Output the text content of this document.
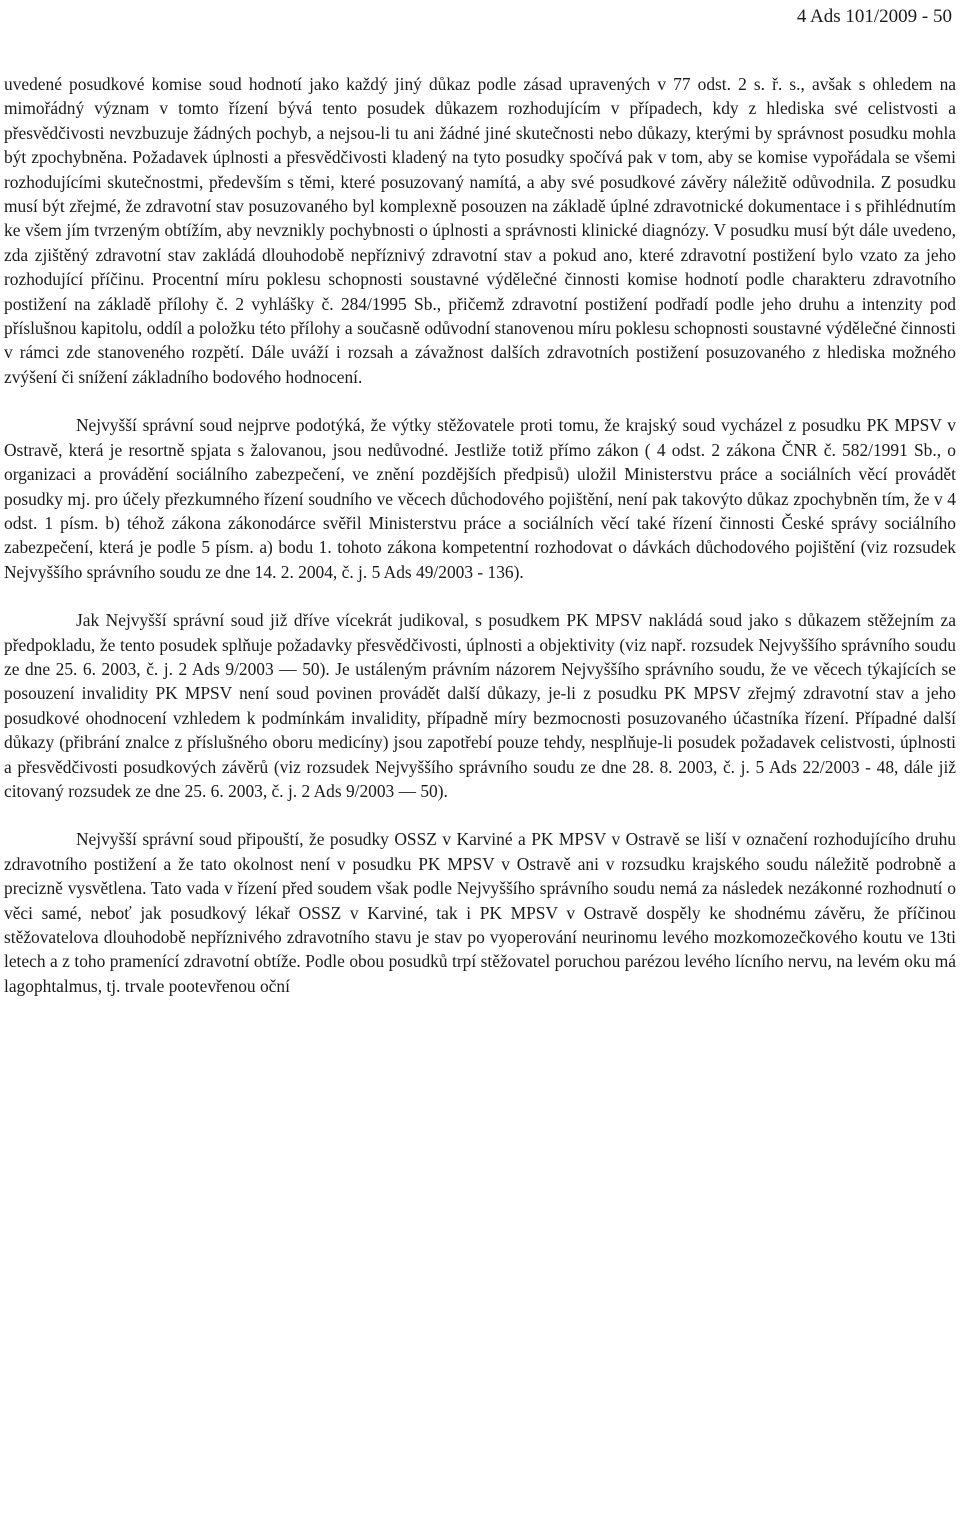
4 Ads 101/2009 - 50

uvedené posudkové komise soud hodnotí jako každý jiný důkaz podle zásad upravených v 77 odst. 2 s. ř. s., avšak s ohledem na mimořádný význam v tomto řízení bývá tento posudek důkazem rozhodujícím v případech, kdy z hlediska své celistvosti a přesvědčivosti nevzbuzuje žádných pochyb, a nejsou-li tu ani žádné jiné skutečnosti nebo důkazy, kterými by správnost posudku mohla být zpochybněna. Požadavek úplnosti a přesvědčivosti kladený na tyto posudky spočívá pak v tom, aby se komise vypořádala se všemi rozhodujícími skutečnostmi, především s těmi, které posuzovaný namítá, a aby své posudkové závěry náležitě odůvodnila. Z posudku musí být zřejmé, že zdravotní stav posuzovaného byl komplexně posouzen na základě úplné zdravotnické dokumentace i s přihlédnutím ke všem jím tvrzeným obtížím, aby nevznikly pochybnosti o úplnosti a správnosti klinické diagnózy. V posudku musí být dále uvedeno, zda zjištěný zdravotní stav zakládá dlouhodobě nepříznivý zdravotní stav a pokud ano, které zdravotní postižení bylo vzato za jeho rozhodující příčinu. Procentní míru poklesu schopnosti soustavné výdělečné činnosti komise hodnotí podle charakteru zdravotního postižení na základě přílohy č. 2 vyhlášky č. 284/1995 Sb., přičemž zdravotní postižení podřadí podle jeho druhu a intenzity pod příslušnou kapitolu, oddíl a položku této přílohy a současně odůvodní stanovenou míru poklesu schopnosti soustavné výdělečné činnosti v rámci zde stanoveného rozpětí. Dále uváží i rozsah a závažnost dalších zdravotních postižení posuzovaného z hlediska možného zvýšení či snížení základního bodového hodnocení.

Nejvyšší správní soud nejprve podotýká, že výtky stěžovatele proti tomu, že krajský soud vycházel z posudku PK MPSV v Ostravě, která je resortně spjata s žalovanou, jsou nedůvodné. Jestliže totiž přímo zákon ( 4 odst. 2 zákona ČNR č. 582/1991 Sb., o organizaci a provádění sociálního zabezpečení, ve znění pozdějších předpisů) uložil Ministerstvu práce a sociálních věcí provádět posudky mj. pro účely přezkumného řízení soudního ve věcech důchodového pojištění, není pak takovýto důkaz zpochybněn tím, že v 4 odst. 1 písm. b) téhož zákona zákonodárce svěřil Ministerstvu práce a sociálních věcí také řízení činnosti České správy sociálního zabezpečení, která je podle 5 písm. a) bodu 1. tohoto zákona kompetentní rozhodovat o dávkách důchodového pojištění (viz rozsudek Nejvyššího správního soudu ze dne 14. 2. 2004, č. j. 5 Ads 49/2003 - 136).

Jak Nejvyšší správní soud již dříve vícekrát judikoval, s posudkem PK MPSV nakládá soud jako s důkazem stěžejním za předpokladu, že tento posudek splňuje požadavky přesvědčivosti, úplnosti a objektivity (viz např. rozsudek Nejvyššího správního soudu ze dne 25. 6. 2003, č. j. 2 Ads 9/2003 — 50). Je ustáleným právním názorem Nejvyššího správního soudu, že ve věcech týkajících se posouzení invalidity PK MPSV není soud povinen provádět další důkazy, je-li z posudku PK MPSV zřejmý zdravotní stav a jeho posudkové ohodnocení vzhledem k podmínkám invalidity, případně míry bezmocnosti posuzovaného účastníka řízení. Případné další důkazy (přibrání znalce z příslušného oboru medicíny) jsou zapotřebí pouze tehdy, nesplňuje-li posudek požadavek celistvosti, úplnosti a přesvědčivosti posudkových závěrů (viz rozsudek Nejvyššího správního soudu ze dne 28. 8. 2003, č. j. 5 Ads 22/2003 - 48, dále již citovaný rozsudek ze dne 25. 6. 2003, č. j. 2 Ads 9/2003 — 50).

Nejvyšší správní soud připouští, že posudky OSSZ v Karviné a PK MPSV v Ostravě se liší v označení rozhodujícího druhu zdravotního postižení a že tato okolnost není v posudku PK MPSV v Ostravě ani v rozsudku krajského soudu náležitě podrobně a precizně vysvětlena. Tato vada v řízení před soudem však podle Nejvyššího správního soudu nemá za následek nezákonné rozhodnutí o věci samé, neboť jak posudkový lékař OSSZ v Karviné, tak i PK MPSV v Ostravě dospěly ke shodnému závěru, že příčinou stěžovatelova dlouhodobě nepříznivého zdravotního stavu je stav po vyoperování neurinomu levého mozkomozečkového koutu ve 13ti letech a z toho pramenící zdravotní obtíže. Podle obou posudků trpí stěžovatel poruchou parézou levého lícního nervu, na levém oku má lagophtalmus, tj. trvale pootevřenou oční
